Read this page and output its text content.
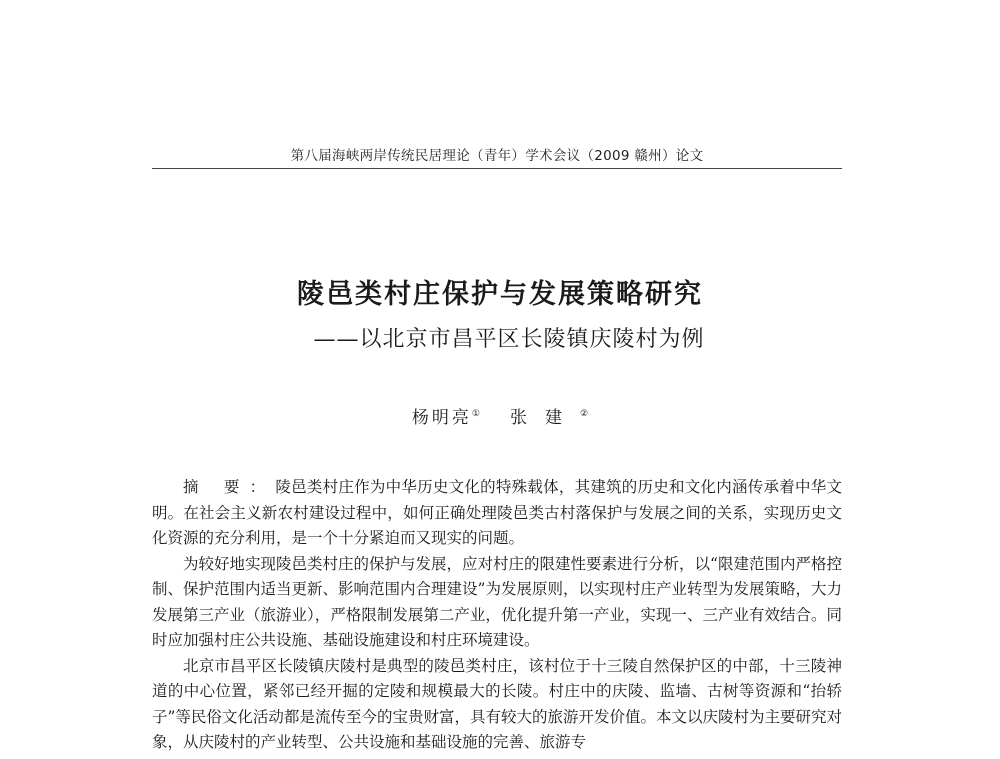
第八届海峡两岸传统民居理论（青年）学术会议（2009 赣州）论文
陵邑类村庄保护与发展策略研究
——以北京市昌平区长陵镇庆陵村为例
杨明亮① 张建②

摘 要：陵邑类村庄作为中华历史文化的特殊载体，其建筑的历史和文化内涵传承着中华文明。在社会主义新农村建设过程中，如何正确处理陵邑类古村落保护与发展之间的关系，实现历史文化资源的充分利用，是一个十分紧迫而又现实的问题。

为较好地实现陵邑类村庄的保护与发展，应对村庄的限建性要素进行分析，以“限建范围内严格控制、保护范围内适当更新、影响范围内合理建设”为发展原则，以实现村庄产业转型为发展策略，大力发展第三产业（旅游业），严格限制发展第二产业，优化提升第一产业，实现一、三产业有效结合。同时应加强村庄公共设施、基础设施建设和村庄环境建设。

北京市昌平区长陵镇庆陵村是典型的陵邑类村庄，该村位于十三陵自然保护区的中部，十三陵神道的中心位置，紧邻已经开掘的定陵和规模最大的长陵。村庄中的庆陵、监墙、古树等资源和“抬轿子”等民俗文化活动都是流传至今的宝贵财富，具有较大的旅游开发价值。本文以庆陵村为主要研究对象，从庆陵村的产业转型、公共设施和基础设施的完善、旅游专
